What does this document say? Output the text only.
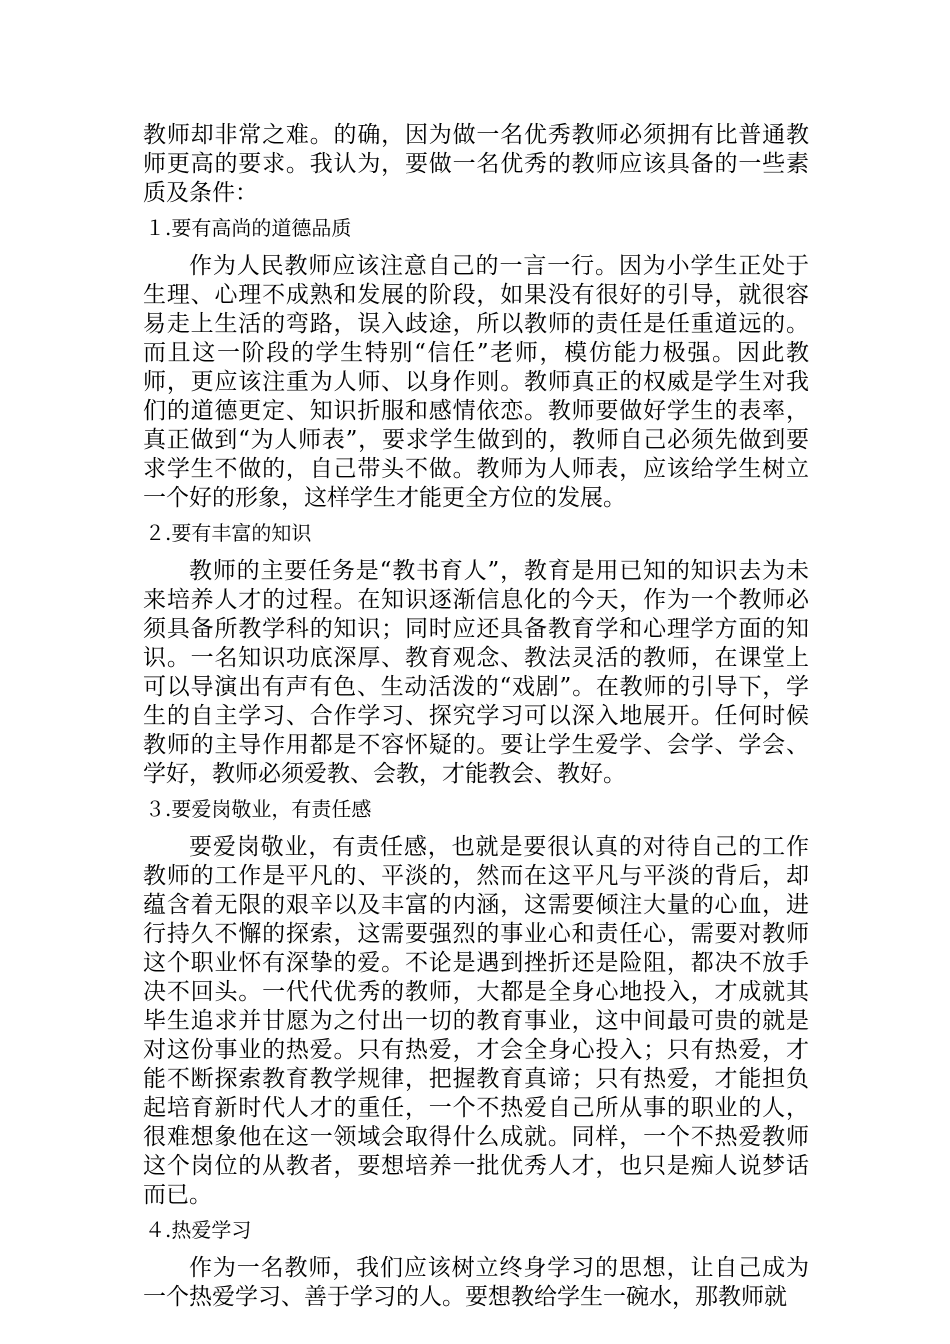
教师却非常之难。的确，因为做一名优秀教师必须拥有比普通教师更高的要求。我认为，要做一名优秀的教师应该具备的一些素质及条件：

１.要有高尚的道德品质

作为人民教师应该注意自己的一言一行。因为小学生正处于生理、心理不成熟和发展的阶段，如果没有很好的引导，就很容易走上生活的弯路，误入歧途，所以教师的责任是任重道远的。而且这一阶段的学生特别“信任”老师，模仿能力极强。因此教师，更应该注重为人师、以身作则。教师真正的权威是学生对我们的道德更定、知识折服和感情依恋。教师要做好学生的表率，真正做到“为人师表”，要求学生做到的，教师自己必须先做到要求学生不做的，自己带头不做。教师为人师表，应该给学生树立一个好的形象，这样学生才能更全方位的发展。

２.要有丰富的知识

教师的主要任务是“教书育人”，教育是用已知的知识去为未来培养人才的过程。在知识逐渐信息化的今天，作为一个教师必须具备所教学科的知识；同时应还具备教育学和心理学方面的知识。一名知识功底深厚、教育观念、教法灵活的教师，在课堂上可以导演出有声有色、生动活泼的“戏剧”。在教师的引导下，学生的自主学习、合作学习、探究学习可以深入地展开。任何时候教师的主导作用都是不容怀疑的。要让学生爱学、会学、学会、学好，教师必须爱教、会教，才能教会、教好。

３.要爱岗敬业，有责任感

要爱岗敬业，有责任感，也就是要很认真的对待自己的工作教师的工作是平凡的、平淡的，然而在这平凡与平淡的背后，却蕴含着无限的艰辛以及丰富的内涵，这需要倾注大量的心血，进行持久不懈的探索，这需要强烈的事业心和责任心，需要对教师这个职业怀有深挚的爱。不论是遇到挫折还是险阻，都决不放手决不回头。一代代优秀的教师，大都是全身心地投入，才成就其毕生追求并甘愿为之付出一切的教育事业，这中间最可贵的就是对这份事业的热爱。只有热爱，才会全身心投入；只有热爱，才能不断探索教育教学规律，把握教育真谛；只有热爱，才能担负起培育新时代人才的重任，一个不热爱自己所从事的职业的人，很难想象他在这一领域会取得什么成就。同样，一个不热爱教师这个岗位的从教者，要想培养一批优秀人才，也只是痴人说梦话而已。

４.热爱学习

作为一名教师，我们应该树立终身学习的思想，让自己成为一个热爱学习、善于学习的人。要想教给学生一碗水，那教师就
